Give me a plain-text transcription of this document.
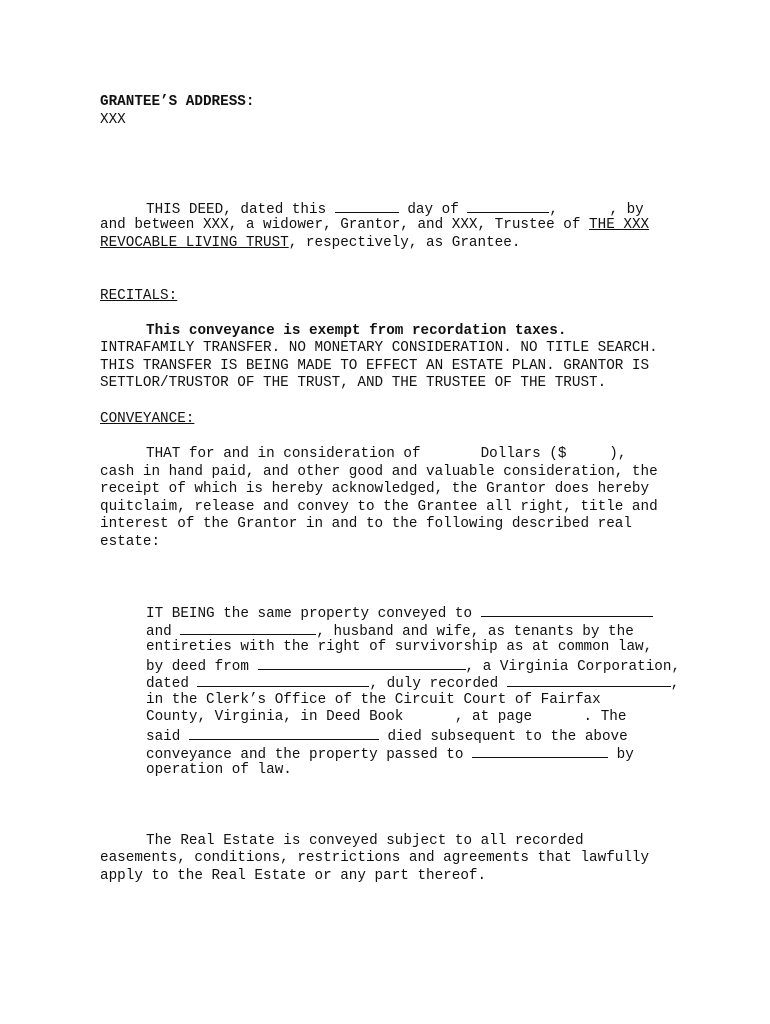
GRANTEE’S ADDRESS:
XXX
THIS DEED, dated this	day of	,      , by
and between XXX, a widower, Grantor, and XXX, Trustee of THE XXX
REVOCABLE LIVING TRUST, respectively, as Grantee.
RECITALS:
This conveyance is exempt from recordation taxes.
INTRAFAMILY TRANSFER. NO MONETARY CONSIDERATION. NO TITLE SEARCH.
THIS TRANSFER IS BEING MADE TO EFFECT AN ESTATE PLAN. GRANTOR IS
SETTLOR/TRUSTOR OF THE TRUST, AND THE TRUSTEE OF THE TRUST.
CONVEYANCE:
THAT for and in consideration of       Dollars ($     ),
cash in hand paid, and other good and valuable consideration, the
receipt of which is hereby acknowledged, the Grantor does hereby
quitclaim, release and convey to the Grantee all right, title and
interest of the Grantor in and to the following described real
estate:
IT BEING the same property conveyed to
and	, husband and wife, as tenants by the
entireties with the right of survivorship as at common law,
by deed from	, a Virginia Corporation,
dated	, duly recorded	,
in the Clerk’s Office of the Circuit Court of Fairfax
County, Virginia, in Deed Book      , at page      . The
said	died subsequent to the above
conveyance and the property passed to	by
operation of law.
The Real Estate is conveyed subject to all recorded
easements, conditions, restrictions and agreements that lawfully
apply to the Real Estate or any part thereof.
